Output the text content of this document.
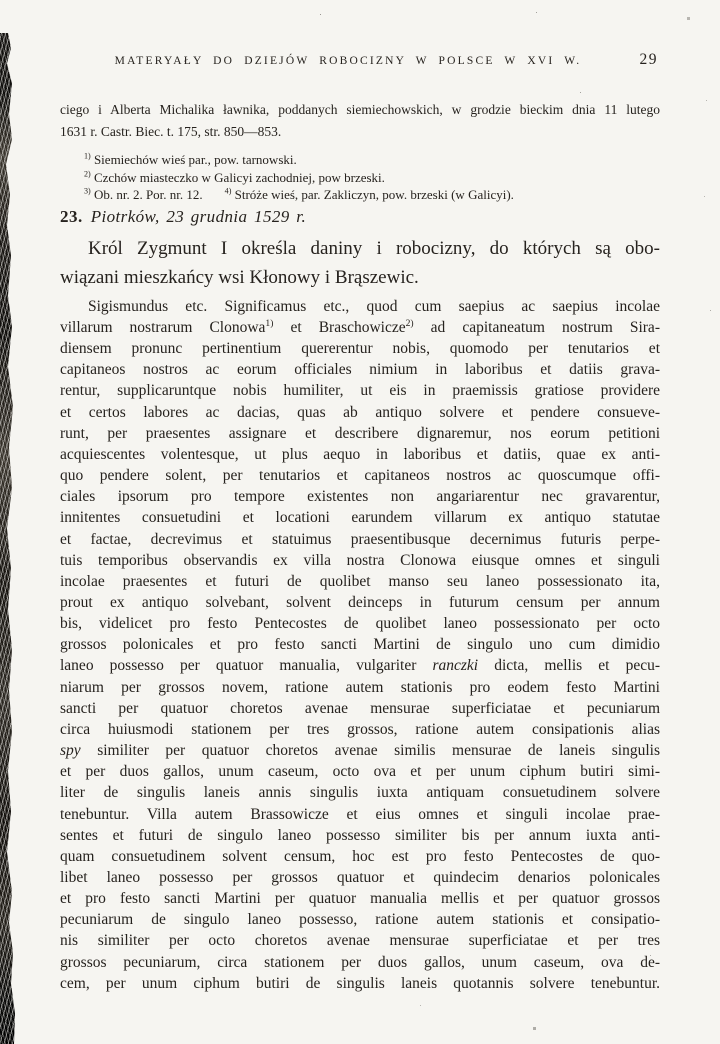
MATERYAŁY DO DZIEJÓW ROBOCIZNY W POLSCE W XVI W.	29
ciego i Alberta Michalika ławnika, poddanych siemiechowskich, w grodzie bieckim dnia 11 lutego
1631 r. Castr. Biec. t. 175, str. 850—853.
$^{1)}$ Siemiechów wieś par., pow. tarnowski.
$^{2)}$ Czchów miasteczko w Galicyi zachodniej, pow brzeski.
$^{3)}$ Ob. nr. 2. Por. nr. 12.	$^{4)}$ Stróże wieś, par. Zakliczyn, pow. brzeski (w Galicyi).
23. Piotrków, 23 grudnia 1529 r.
Król Zygmunt I określa daniny i robocizny, do których są obo-
wiązani mieszkańcy wsi Kłonowy i Brąszewic.
Sigismundus etc. Significamus etc., quod cum saepius ac saepius incolae
villarum nostrarum Clonowa$^{1)}$ et Braschowicze$^{2)}$ ad capitaneatum nostrum Sira-
diensem pronunc pertinentium quererentur nobis, quomodo per tenutarios et
capitaneos nostros ac eorum officiales nimium in laboribus et datiis grava-
rentur, supplicaruntque nobis humiliter, ut eis in praemissis gratiose providere
et certos labores ac dacias, quas ab antiquo solvere et pendere consueve-
runt, per praesentes assignare et describere dignaremur, nos eorum petitioni
acquiescentes volentesque, ut plus aequo in laboribus et datiis, quae ex anti-
quo pendere solent, per tenutarios et capitaneos nostros ac quoscumque offi-
ciales ipsorum pro tempore existentes non angariarentur nec gravarentur,
innitentes consuetudini et locationi earundem villarum ex antiquo statutae
et factae, decrevimus et statuimus praesentibusque decernimus futuris perpe-
tuis temporibus observandis ex villa nostra Clonowa eiusque omnes et singuli
incolae praesentes et futuri de quolibet manso seu laneo possessionato ita,
prout ex antiquo solvebant, solvent deinceps in futurum censum per annum
bis, videlicet pro festo Pentecostes de quolibet laneo possessionato per octo
grossos polonicales et pro festo sancti Martini de singulo uno cum dimidio
laneo possesso per quatuor manualia, vulgariter ranczki dicta, mellis et pecu-
niarum per grossos novem, ratione autem stationis pro eodem festo Martini
sancti per quatuor choretos avenae mensurae superficiatae et pecuniarum
circa huiusmodi stationem per tres grossos, ratione autem consipationis alias
spy similiter per quatuor choretos avenae similis mensurae de laneis singulis
et per duos gallos, unum caseum, octo ova et per unum ciphum butiri simi-
liter de singulis laneis annis singulis iuxta antiquam consuetudinem solvere
tenebuntur. Villa autem Brassowicze et eius omnes et singuli incolae prae-
sentes et futuri de singulo laneo possesso similiter bis per annum iuxta anti-
quam consuetudinem solvent censum, hoc est pro festo Pentecostes de quo-
libet laneo possesso per grossos quatuor et quindecim denarios polonicales
et pro festo sancti Martini per quatuor manualia mellis et per quatuor grossos
pecuniarum de singulo laneo possesso, ratione autem stationis et consipatio-
nis similiter per octo choretos avenae mensurae superficiatae et per tres
grossos pecuniarum, circa stationem per duos gallos, unum caseum, ova de-
cem, per unum ciphum butiri de singulis laneis quotannis solvere tenebuntur.
